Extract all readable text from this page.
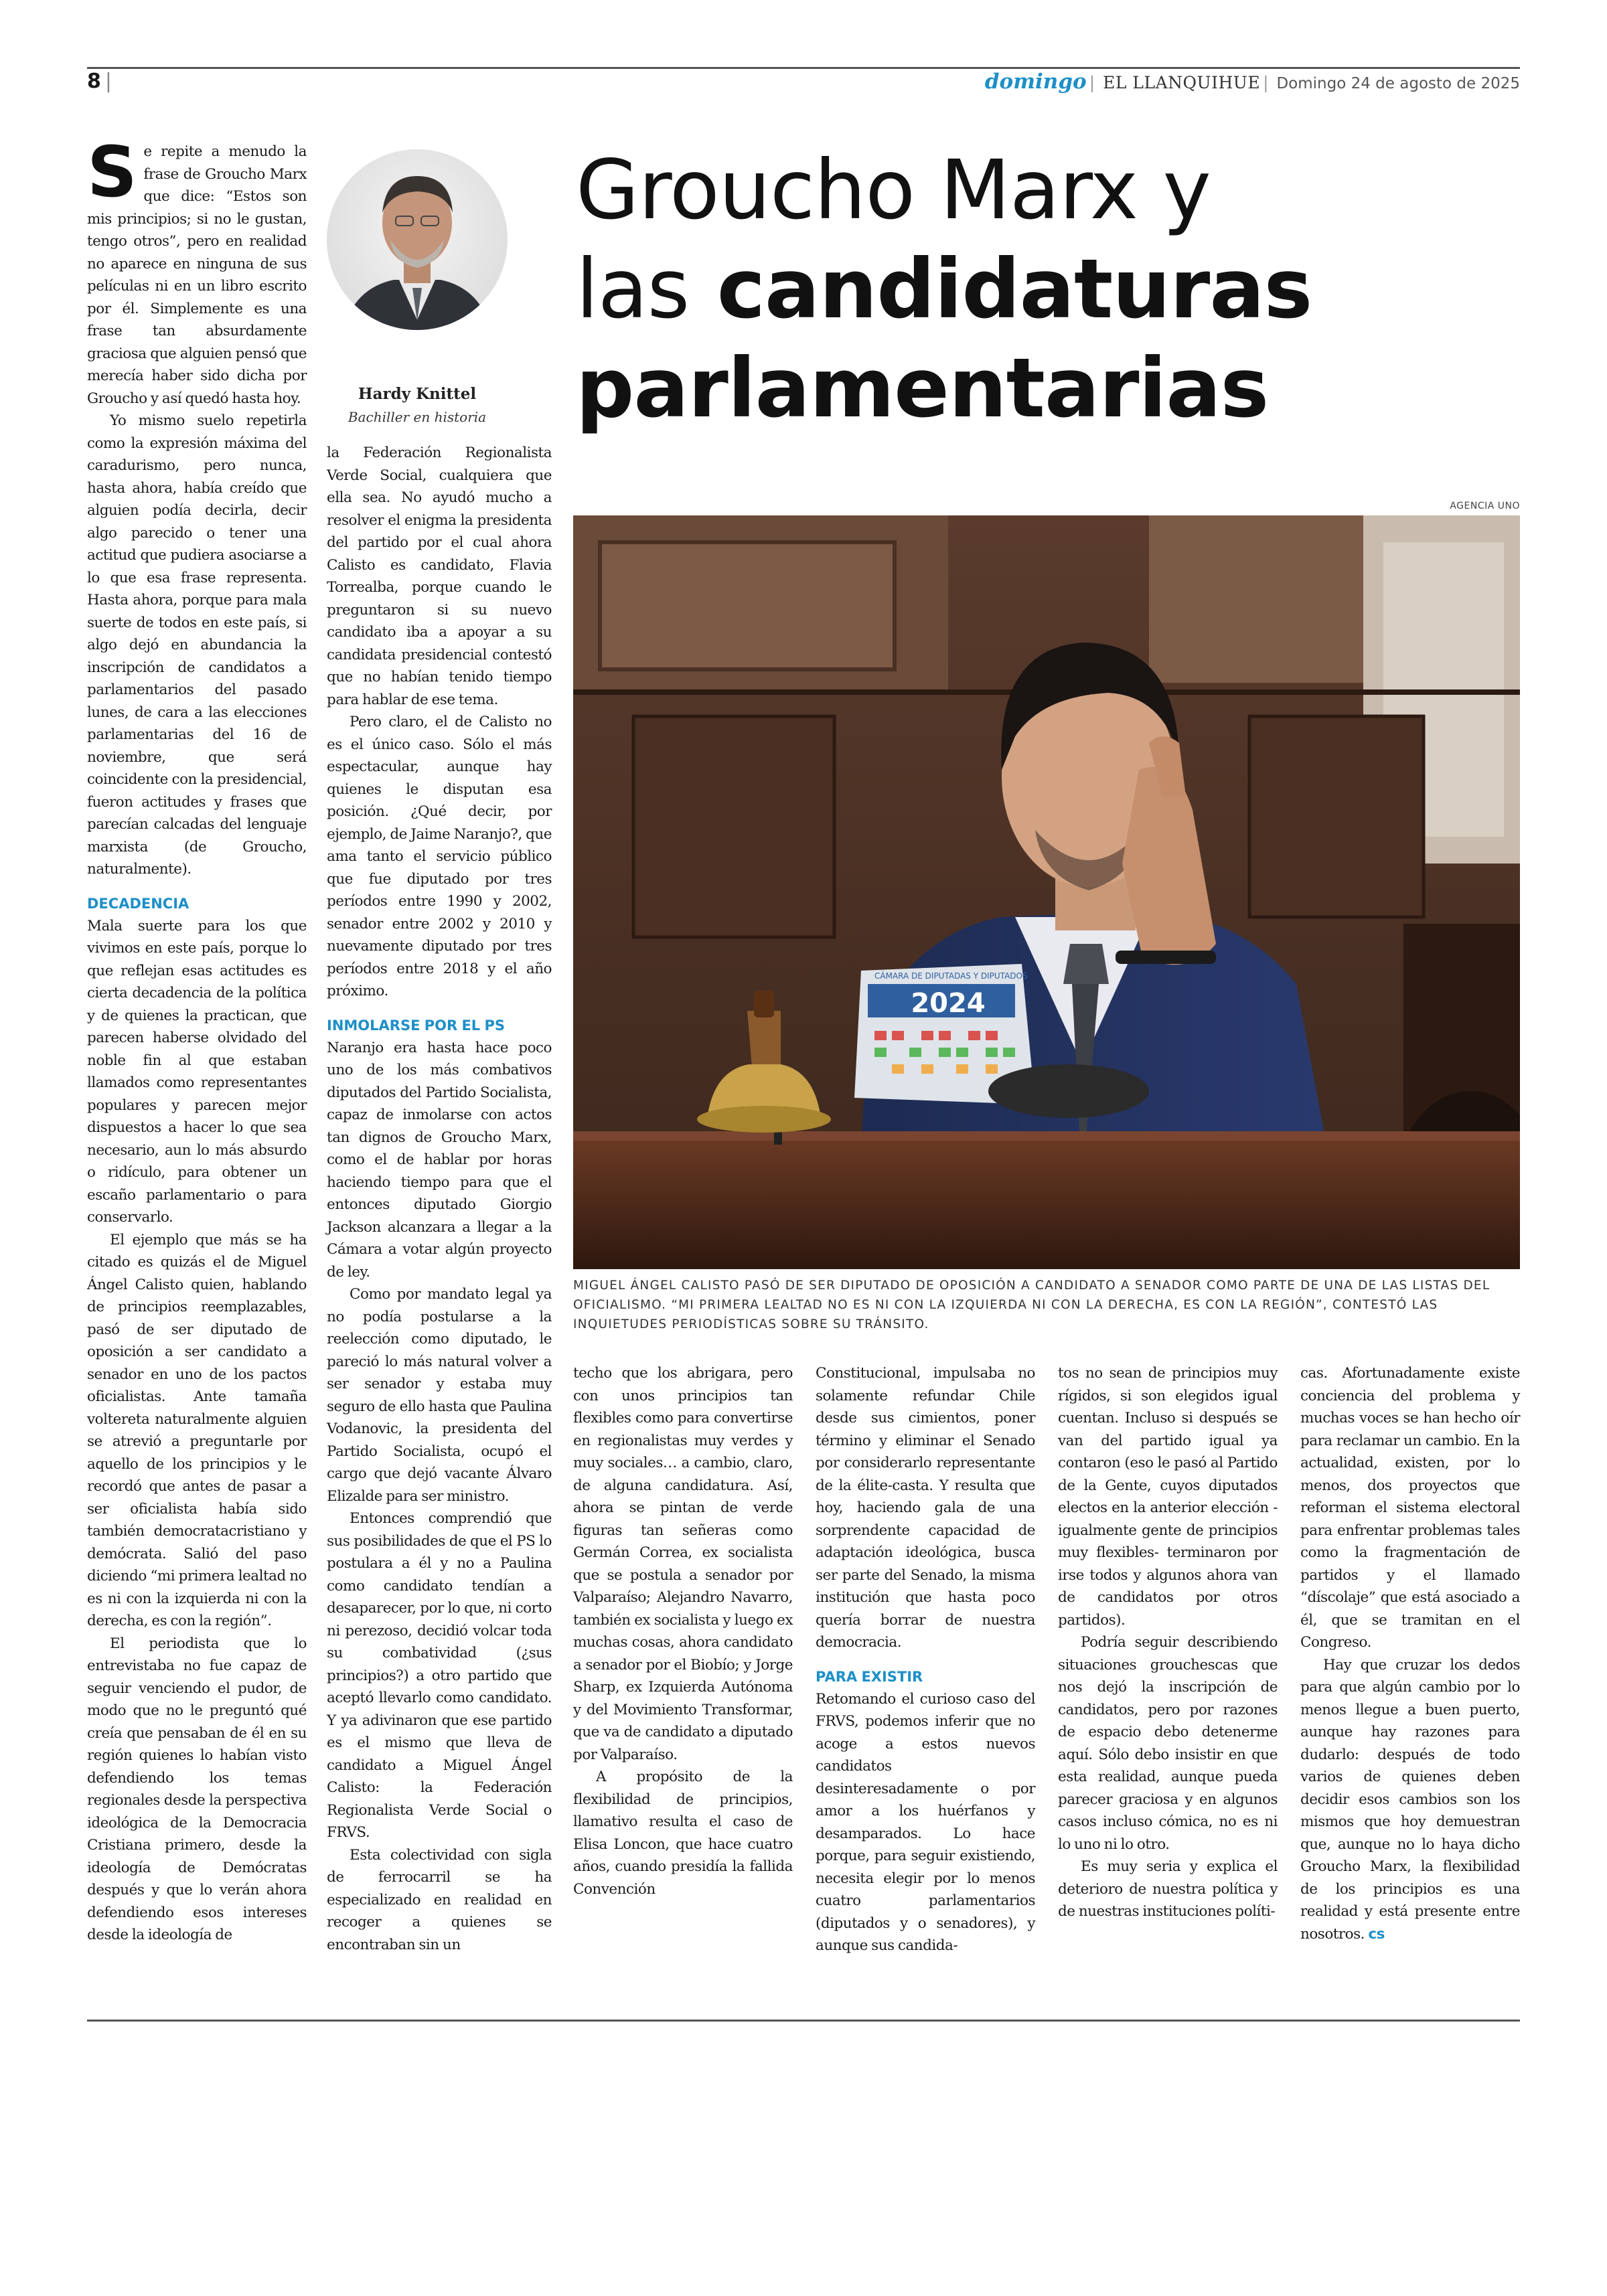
8 |	domingo | EL LLANQUIHUE | Domingo 24 de agosto de 2025
S e repite a menudo la frase de Groucho Marx que dice: “Estos son mis principios; si no le gustan, tengo otros”, pero en realidad no aparece en ninguna de sus películas ni en un libro escrito por él. Simplemente es una frase tan absurdamente graciosa que alguien pensó que merecía haber sido dicha por Groucho y así quedó hasta hoy.

Yo mismo suelo repetirla como la expresión máxima del caradurismo, pero nunca, hasta ahora, había creído que alguien podía decirla, decir algo parecido o tener una actitud que pudiera asociarse a lo que esa frase representa. Hasta ahora, porque para mala suerte de todos en este país, si algo dejó en abundancia la inscripción de candidatos a parlamentarios del pasado lunes, de cara a las elecciones parlamentarias del 16 de noviembre, que será coincidente con la presidencial, fueron actitudes y frases que parecían calcadas del lenguaje marxista (de Groucho, naturalmente).

DECADENCIA

Mala suerte para los que vivimos en este país, porque lo que reflejan esas actitudes es cierta decadencia de la política y de quienes la practican, que parecen haberse olvidado del noble fin al que estaban llamados como representantes populares y parecen mejor dispuestos a hacer lo que sea necesario, aun lo más absurdo o ridículo, para obtener un escaño parlamentario o para conservarlo.

El ejemplo que más se ha citado es quizás el de Miguel Ángel Calisto quien, hablando de principios reemplazables, pasó de ser diputado de oposición a ser candidato a senador en uno de los pactos oficialistas. Ante tamaña voltereta naturalmente alguien se atrevió a preguntarle por aquello de los principios y le recordó que antes de pasar a ser oficialista había sido también democratacristiano y demócrata. Salió del paso diciendo “mi primera lealtad no es ni con la izquierda ni con la derecha, es con la región”.

El periodista que lo entrevistaba no fue capaz de seguir venciendo el pudor, de modo que no le preguntó qué creía que pensaban de él en su región quienes lo habían visto defendiendo los temas regionales desde la perspectiva ideológica de la Democracia Cristiana primero, desde la ideología de Demócratas después y que lo verán ahora defendiendo esos intereses desde la ideología de

Hardy Knittel
Bachiller en historia

la Federación Regionalista Verde Social, cualquiera que ella sea. No ayudó mucho a resolver el enigma la presidenta del partido por el cual ahora Calisto es candidato, Flavia Torrealba, porque cuando le preguntaron si su nuevo candidato iba a apoyar a su candidata presidencial contestó que no habían tenido tiempo para hablar de ese tema.

Pero claro, el de Calisto no es el único caso. Sólo el más espectacular, aunque hay quienes le disputan esa posición. ¿Qué decir, por ejemplo, de Jaime Naranjo?, que ama tanto el servicio público que fue diputado por tres períodos entre 1990 y 2002, senador entre 2002 y 2010 y nuevamente diputado por tres períodos entre 2018 y el año próximo.

INMOLARSE POR EL PS

Naranjo era hasta hace poco uno de los más combativos diputados del Partido Socialista, capaz de inmolarse con actos tan dignos de Groucho Marx, como el de hablar por horas haciendo tiempo para que el entonces diputado Giorgio Jackson alcanzara a llegar a la Cámara a votar algún proyecto de ley.

Como por mandato legal ya no podía postularse a la reelección como diputado, le pareció lo más natural volver a ser senador y estaba muy seguro de ello hasta que Paulina Vodanovic, la presidenta del Partido Socialista, ocupó el cargo que dejó vacante Álvaro Elizalde para ser ministro.

Entonces comprendió que sus posibilidades de que el PS lo postulara a él y no a Paulina como candidato tendían a desaparecer, por lo que, ni corto ni perezoso, decidió volcar toda su combatividad (¿sus principios?) a otro partido que aceptó llevarlo como candidato. Y ya adivinaron que ese partido es el mismo que lleva de candidato a Miguel Ángel Calisto: la Federación Regionalista Verde Social o FRVS.

Esta colectividad con sigla de ferrocarril se ha especializado en realidad en recoger a quienes se encontraban sin un

Groucho Marx y
las candidaturas
parlamentarias
AGENCIA UNO
2024
CÁMARA DE DIPUTADAS Y DIPUTADOS
MIGUEL ÁNGEL CALISTO PASÓ DE SER DIPUTADO DE OPOSICIÓN A CANDIDATO A SENADOR COMO PARTE DE UNA DE LAS LISTAS DEL OFICIALISMO. “MI PRIMERA LEALTAD NO ES NI CON LA IZQUIERDA NI CON LA DERECHA, ES CON LA REGIÓN”, CONTESTÓ LAS INQUIETUDES PERIODÍSTICAS SOBRE SU TRÁNSITO.

techo que los abrigara, pero con unos principios tan flexibles como para convertirse en regionalistas muy verdes y muy sociales… a cambio, claro, de alguna candidatura. Así, ahora se pintan de verde figuras tan señeras como Germán Correa, ex socialista que se postula a senador por Valparaíso; Alejandro Navarro, también ex socialista y luego ex muchas cosas, ahora candidato a senador por el Biobío; y Jorge Sharp, ex Izquierda Autónoma y del Movimiento Transformar, que va de candidato a diputado por Valparaíso.

A propósito de la flexibilidad de principios, llamativo resulta el caso de Elisa Loncon, que hace cuatro años, cuando presidía la fallida Convención

Constitucional, impulsaba no solamente refundar Chile desde sus cimientos, poner término y eliminar el Senado por considerarlo representante de la élite-casta. Y resulta que hoy, haciendo gala de una sorprendente capacidad de adaptación ideológica, busca ser parte del Senado, la misma institución que hasta poco quería borrar de nuestra democracia.

PARA EXISTIR

Retomando el curioso caso del FRVS, podemos inferir que no acoge a estos nuevos candidatos desinteresadamente o por amor a los huérfanos y desamparados. Lo hace porque, para seguir existiendo, necesita elegir por lo menos cuatro parlamentarios (diputados y o senadores), y aunque sus candida-

tos no sean de principios muy rígidos, si son elegidos igual cuentan. Incluso si después se van del partido igual ya contaron (eso le pasó al Partido de la Gente, cuyos diputados electos en la anterior elección -igualmente gente de principios muy flexibles- terminaron por irse todos y algunos ahora van de candidatos por otros partidos).

Podría seguir describiendo situaciones grouchescas que nos dejó la inscripción de candidatos, pero por razones de espacio debo detenerme aquí. Sólo debo insistir en que esta realidad, aunque pueda parecer graciosa y en algunos casos incluso cómica, no es ni lo uno ni lo otro.

Es muy seria y explica el deterioro de nuestra política y de nuestras instituciones políti-

cas. Afortunadamente existe conciencia del problema y muchas voces se han hecho oír para reclamar un cambio. En la actualidad, existen, por lo menos, dos proyectos que reforman el sistema electoral para enfrentar problemas tales como la fragmentación de partidos y el llamado “díscolaje” que está asociado a él, que se tramitan en el Congreso.

Hay que cruzar los dedos para que algún cambio por lo menos llegue a buen puerto, aunque hay razones para dudarlo: después de todo varios de quienes deben decidir esos cambios son los mismos que hoy demuestran que, aunque no lo haya dicho Groucho Marx, la flexibilidad de los principios es una realidad y está presente entre nosotros. cs
